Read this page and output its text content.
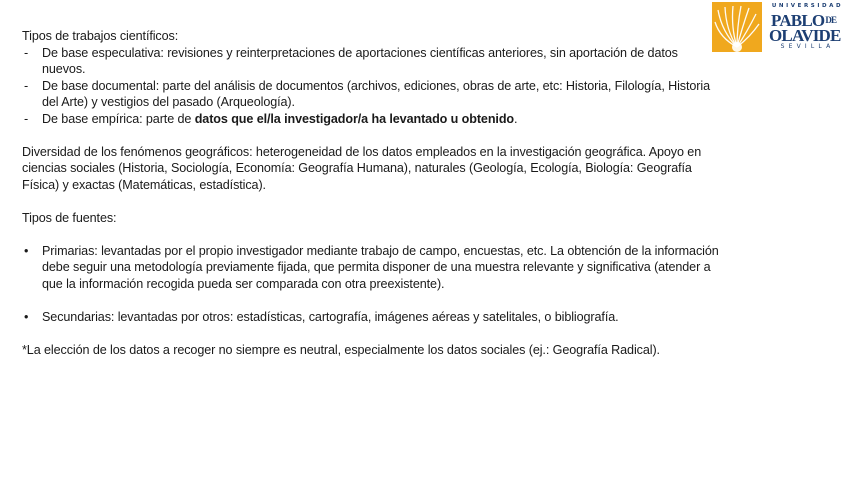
UNIVERSIDAD
PABLODE
OLAVIDE
SEVILLA

Tipos de trabajos científicos:

- De base especulativa: revisiones y reinterpretaciones de aportaciones científicas anteriores, sin aportación de datos nuevos.
- De base documental: parte del análisis de documentos (archivos, ediciones, obras de arte, etc: Historia, Filología, Historia del Arte) y vestigios del pasado (Arqueología).
- De base empírica: parte de datos que el/la investigador/a ha levantado u obtenido.

Diversidad de los fenómenos geográficos: heterogeneidad de los datos empleados en la investigación geográfica. Apoyo en ciencias sociales (Historia, Sociología, Economía: Geografía Humana), naturales (Geología, Ecología, Biología: Geografía Física) y exactas (Matemáticas, estadística).

Tipos de fuentes:

• Primarias: levantadas por el propio investigador mediante trabajo de campo, encuestas, etc. La obtención de la información debe seguir una metodología previamente fijada, que permita disponer de una muestra relevante y significativa (atender a que la información recogida pueda ser comparada con otra preexistente).
• Secundarias: levantadas por otros: estadísticas, cartografía, imágenes aéreas y satelitales, o bibliografía.

*La elección de los datos a recoger no siempre es neutral, especialmente los datos sociales (ej.: Geografía Radical).
